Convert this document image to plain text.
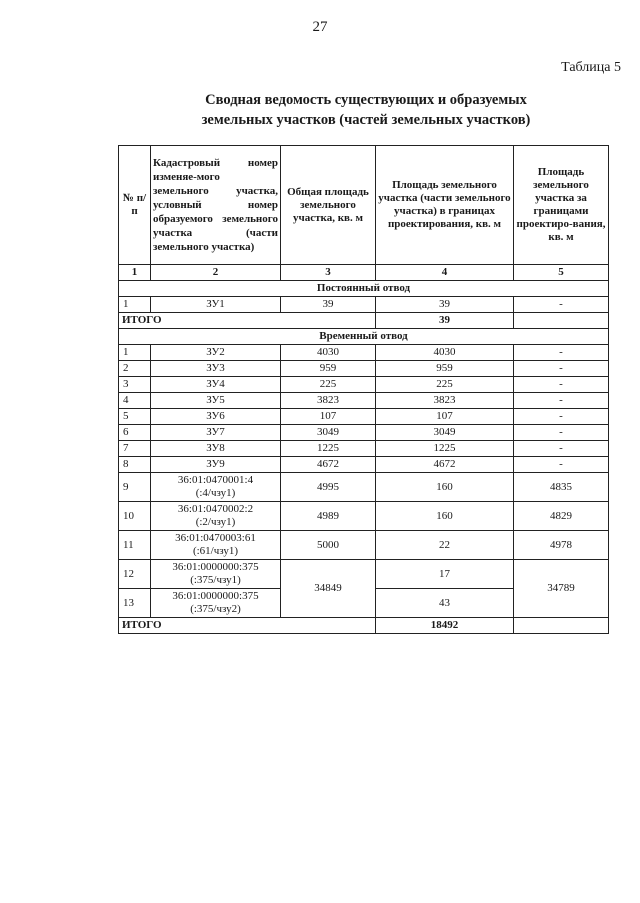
27
Таблица 5
Сводная ведомость существующих и образуемых
земельных участков (частей земельных участков)
№ п/п	Кадастровый номер изменяе-мого земельного участка, условный номер образуемого земельного участка (части земельного участка)	Общая площадь земельного участка, кв. м	Площадь земельного участка (части земельного участка) в границах проектирования, кв. м	Площадь земельного участка за границами проектиро-вания, кв. м
1	2	3	4	5
Постоянный отвод				
1	ЗУ1	39	39	-
ИТОГО			39	
Временный отвод				
1	ЗУ2	4030	4030	-
2	ЗУ3	959	959	-
3	ЗУ4	225	225	-
4	ЗУ5	3823	3823	-
5	ЗУ6	107	107	-
6	ЗУ7	3049	3049	-
7	ЗУ8	1225	1225	-
8	ЗУ9	4672	4672	-
9	36:01:0470001:4
(:4/чзу1)	4995	160	4835
10	36:01:0470002:2
(:2/чзу1)	4989	160	4829
11	36:01:0470003:61
(:61/чзу1)	5000	22	4978
12	36:01:0000000:375
(:375/чзу1)	34849	17	34789
13	36:01:0000000:375
(:375/чзу2)		43	
ИТОГО			18492	
